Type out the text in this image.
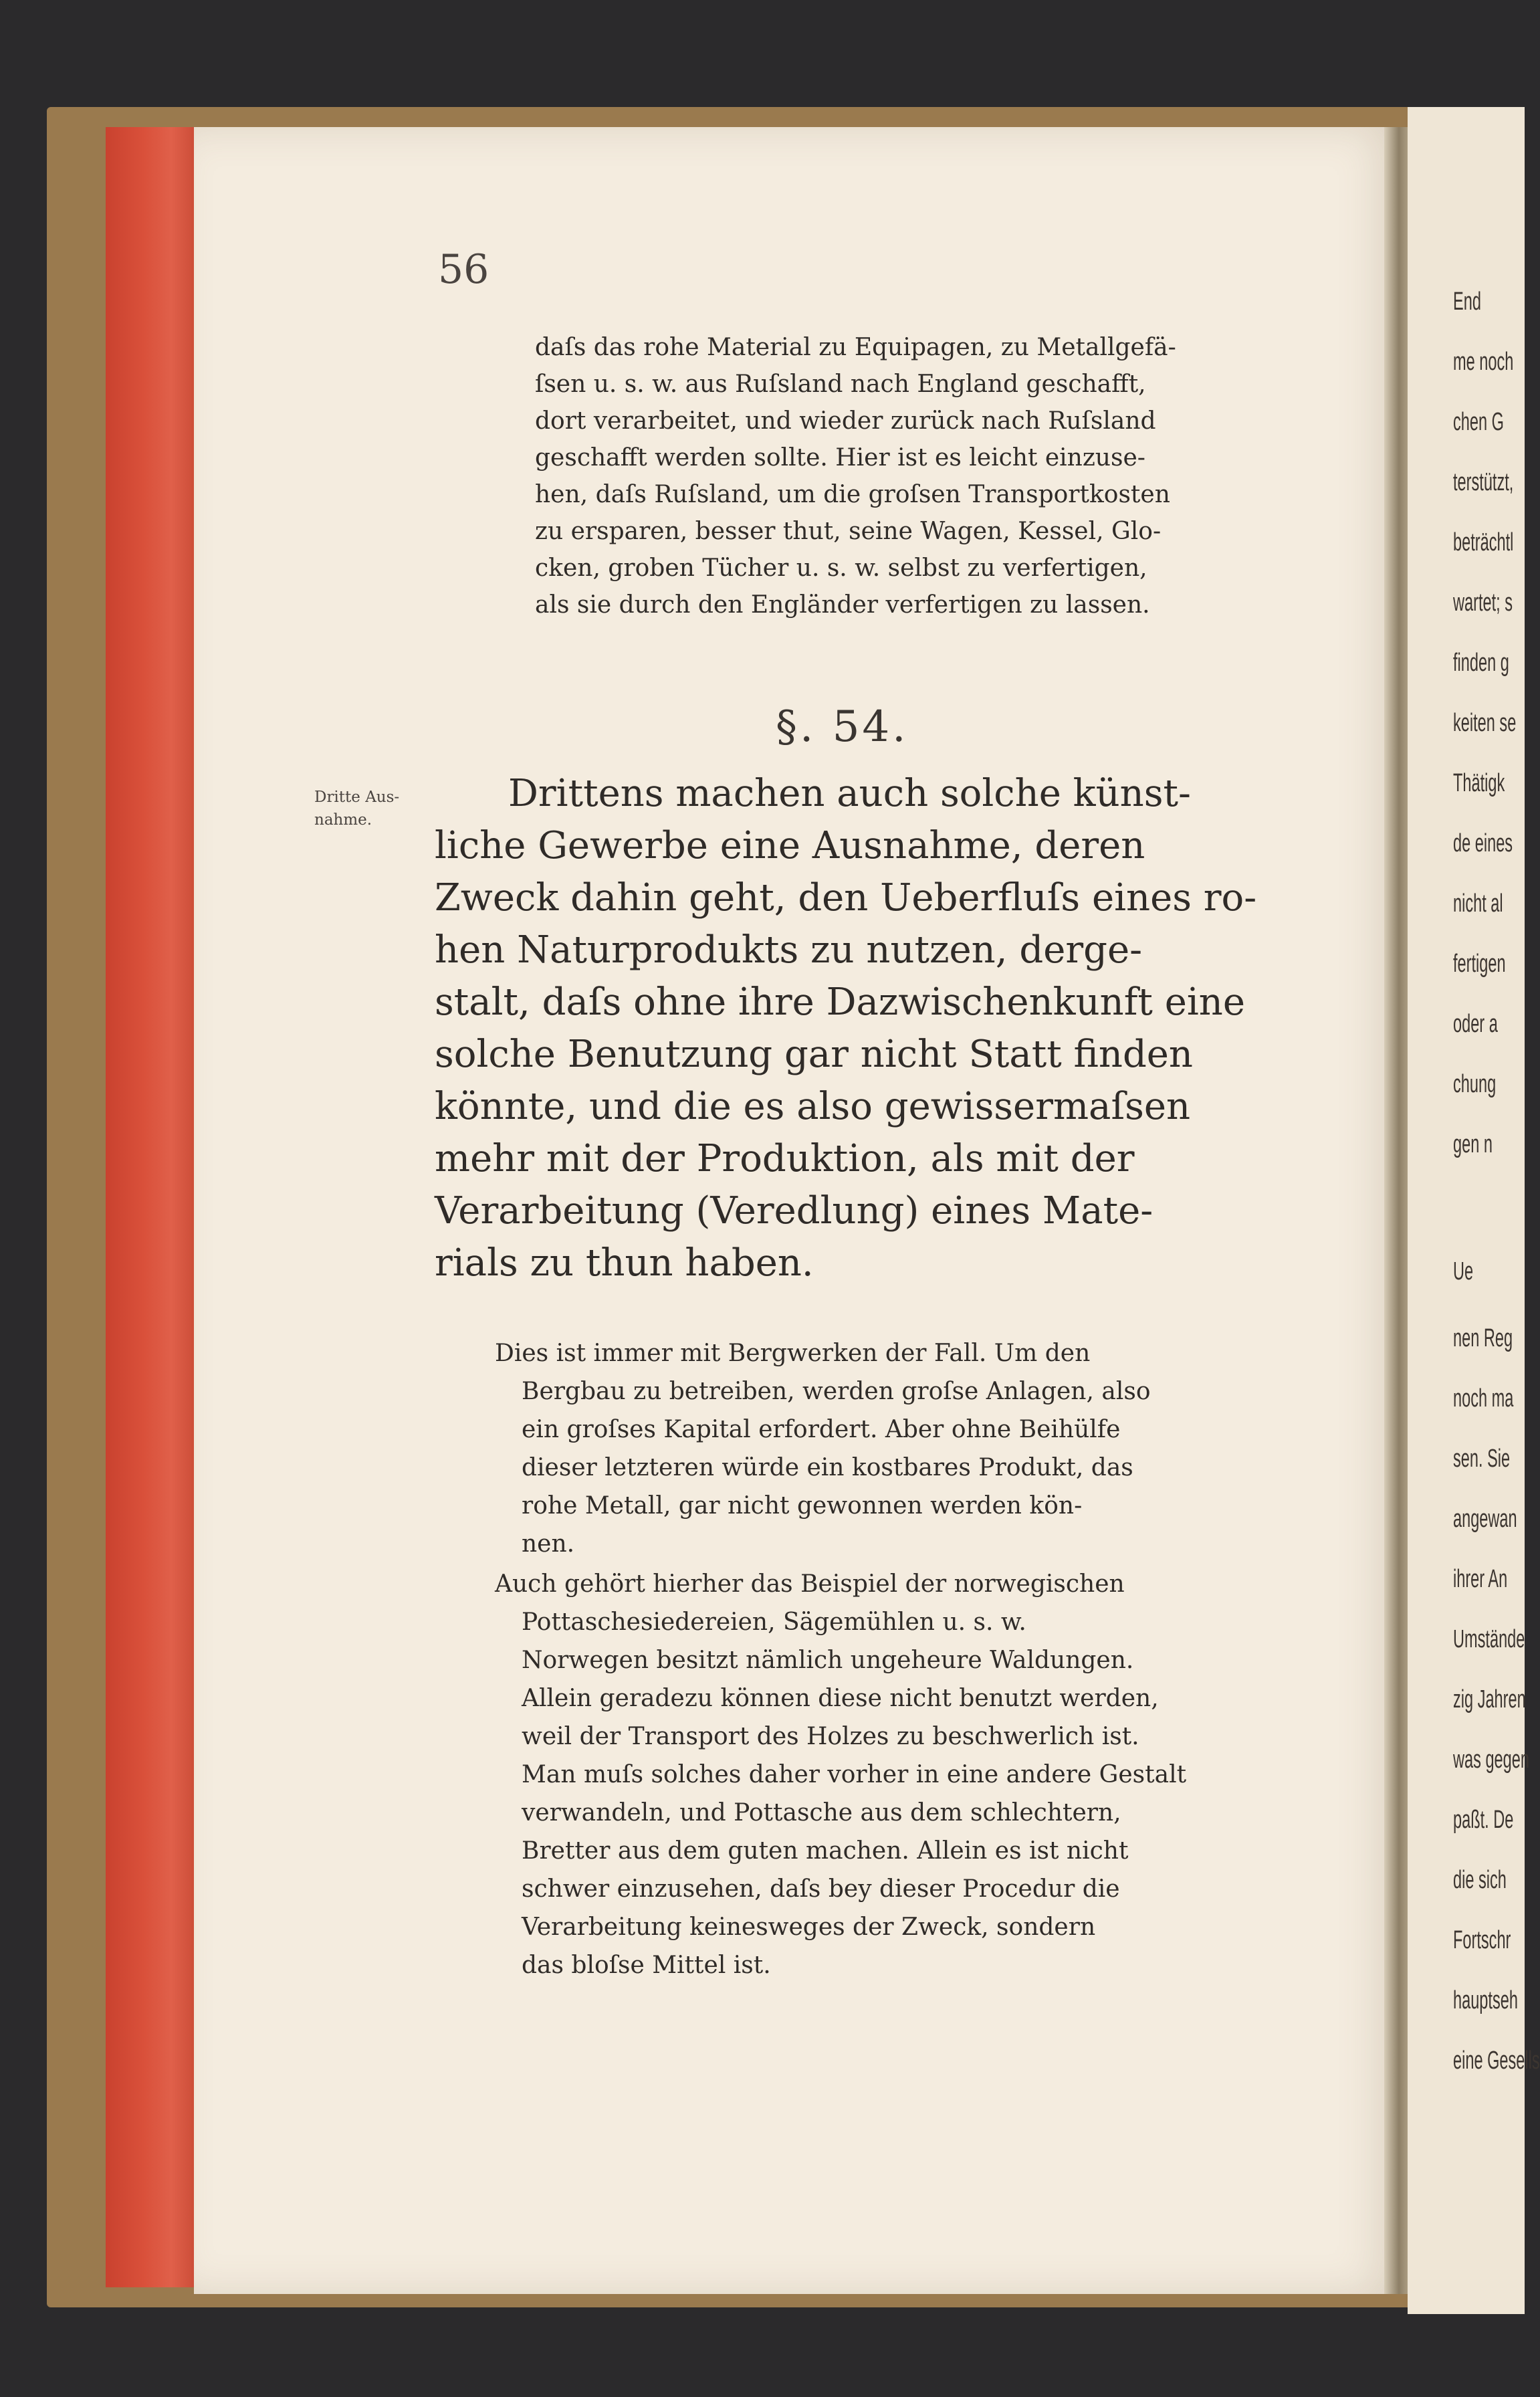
End
me noch
chen G
terstützt,
beträchtl
wartet; s
finden g
keiten se
Thätigk
de eines
nicht al
fertigen
oder a
chung
gen n
Ue
nen Reg
noch ma
sen. Sie
angewan
ihrer An
Umstände
zig Jahren
was gegen
paßt. De
die sich
Fortschr
hauptseh
eine Gesells

56

daſs das rohe Material zu Equipagen, zu Metallgefä-
ſsen u. s. w. aus Ruſsland nach England geschafft,
dort verarbeitet, und wieder zurück nach Ruſsland
geschafft werden sollte. Hier ist es leicht einzuse-
hen, daſs Ruſsland, um die groſsen Transportkosten
zu ersparen, besser thut, seine Wagen, Kessel, Glo-
cken, groben Tücher u. s. w. selbst zu verfertigen,
als sie durch den Engländer verfertigen zu lassen.

§. 54.

Dritte Aus-nahme.
Drittens machen auch solche künst-
liche Gewerbe eine Ausnahme, deren
Zweck dahin geht, den Ueberfluſs eines ro-
hen Naturprodukts zu nutzen, derge-
stalt, daſs ohne ihre Dazwischenkunft eine
solche Benutzung gar nicht Statt finden
könnte, und die es also gewissermaſsen
mehr mit der Produktion, als mit der
Verarbeitung (Veredlung) eines Mate-
rials zu thun haben.
Dies ist immer mit Bergwerken der Fall. Um den
Bergbau zu betreiben, werden groſse Anlagen, also
ein groſses Kapital erfordert. Aber ohne Beihülfe
dieser letzteren würde ein kostbares Produkt, das
rohe Metall, gar nicht gewonnen werden kön-
nen.
Auch gehört hierher das Beispiel der norwegischen
Pottaschesiedereien, Sägemühlen u. s. w.
Norwegen besitzt nämlich ungeheure Waldungen.
Allein geradezu können diese nicht benutzt werden,
weil der Transport des Holzes zu beschwerlich ist.
Man muſs solches daher vorher in eine andere Gestalt
verwandeln, und Pottasche aus dem schlechtern,
Bretter aus dem guten machen. Allein es ist nicht
schwer einzusehen, daſs bey dieser Procedur die
Verarbeitung keinesweges der Zweck, sondern
das bloſse Mittel ist.
